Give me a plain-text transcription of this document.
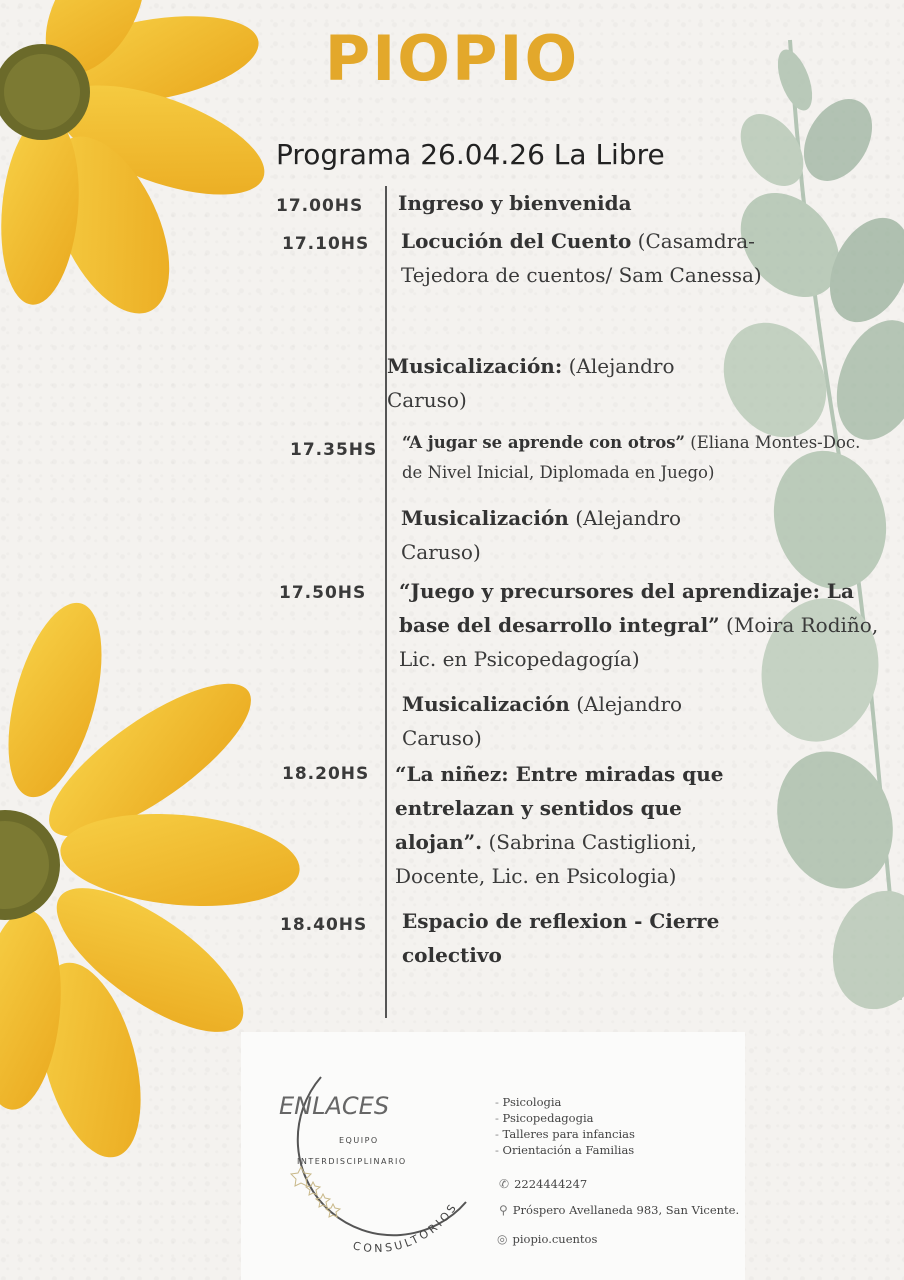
PIOPIO
Programa 26.04.26 La Libre
17.00HS
17.10HS
17.35HS
17.50HS
18.20HS
18.40HS
Ingreso y bienvenida
Locución del Cuento (Casamdra-Tejedora de cuentos/ Sam Canessa)
Musicalización: (Alejandro Caruso)
“A jugar se aprende con otros” (Eliana Montes-Doc. de Nivel Inicial, Diplomada en Juego)
Musicalización (Alejandro Caruso)
“Juego y precursores del aprendizaje: La base del desarrollo integral” (Moira Rodiño, Lic. en Psicopedagogía)
Musicalización (Alejandro Caruso)
“La niñez: Entre miradas que entrelazan y sentidos que alojan”. (Sabrina Castiglioni, Docente, Lic. en Psicologia)
Espacio de reflexion - Cierre colectivo
ENLACES
EQUIPO
INTERDISCIPLINARIO
CONSULTORIOS
- Psicologia
- Psicopedagogia
- Talleres para infancias
- Orientación a Familias
✆ 2224444247
⚲ Próspero Avellaneda 983, San Vicente.
◎ piopio.cuentos
